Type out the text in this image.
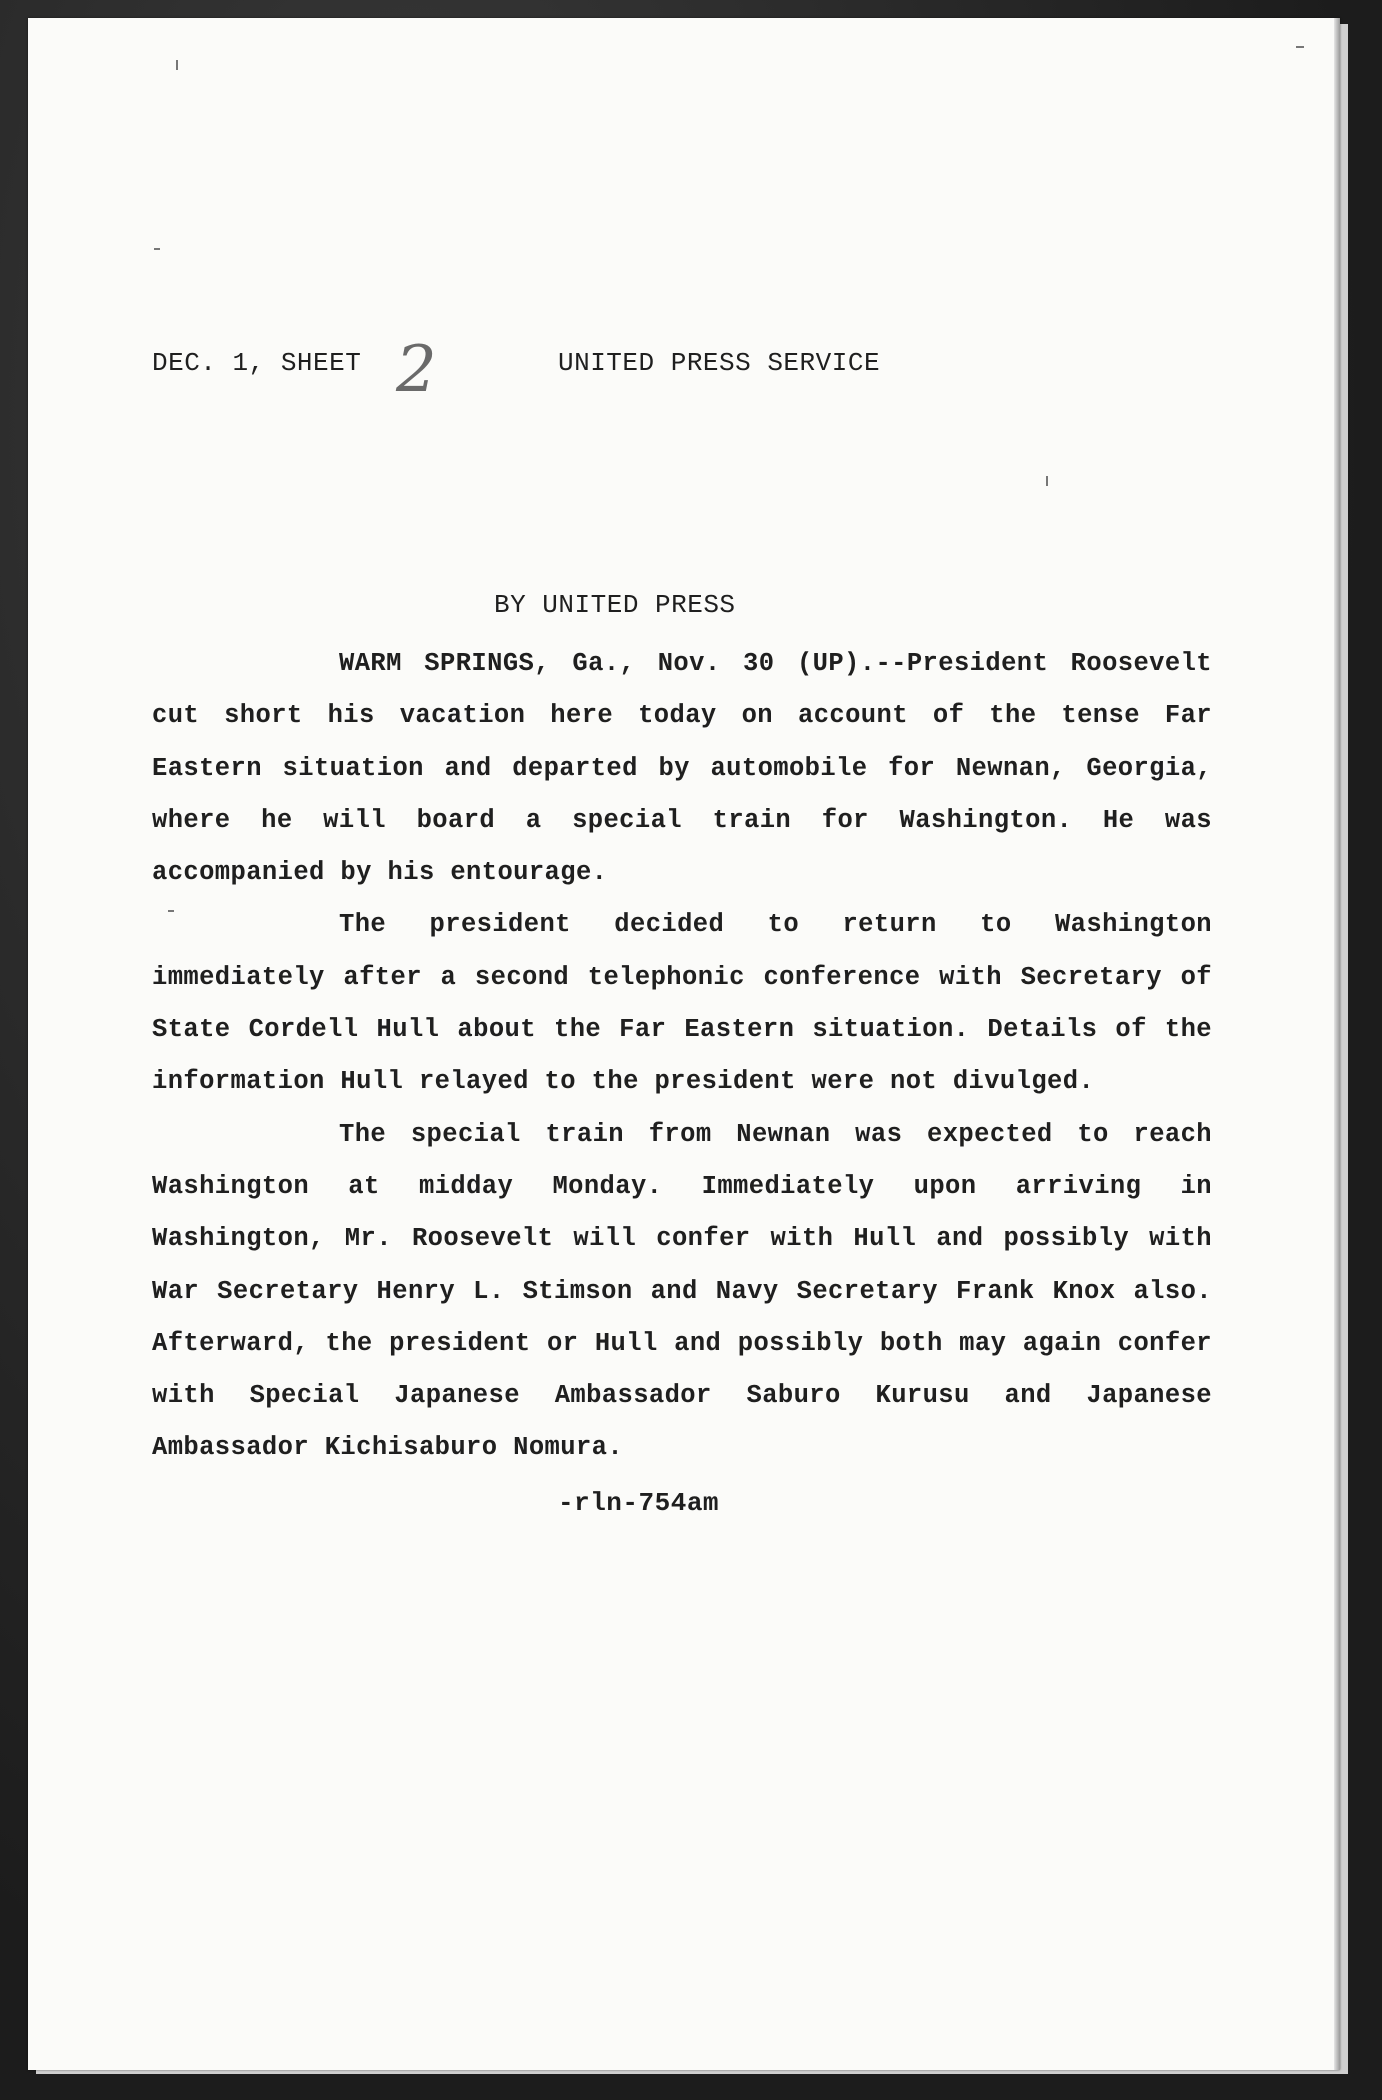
DEC. 1, SHEET 2	UNITED PRESS SERVICE
BY UNITED PRESS

WARM SPRINGS, Ga., Nov. 30 (UP).--President Roosevelt cut short his vacation here today on account of the tense Far Eastern situation and departed by automobile for Newnan, Georgia, where he will board a special train for Washington. He was accompanied by his entourage.

The president decided to return to Washington immediately after a second telephonic conference with Secretary of State Cordell Hull about the Far Eastern situation. Details of the information Hull relayed to the president were not divulged.

The special train from Newnan was expected to reach Washington at midday Monday. Immediately upon arriving in Washington, Mr. Roosevelt will confer with Hull and possibly with War Secretary Henry L. Stimson and Navy Secretary Frank Knox also. Afterward, the president or Hull and possibly both may again confer with Special Japanese Ambassador Saburo Kurusu and Japanese Ambassador Kichisaburo Nomura.

-rln-754am
